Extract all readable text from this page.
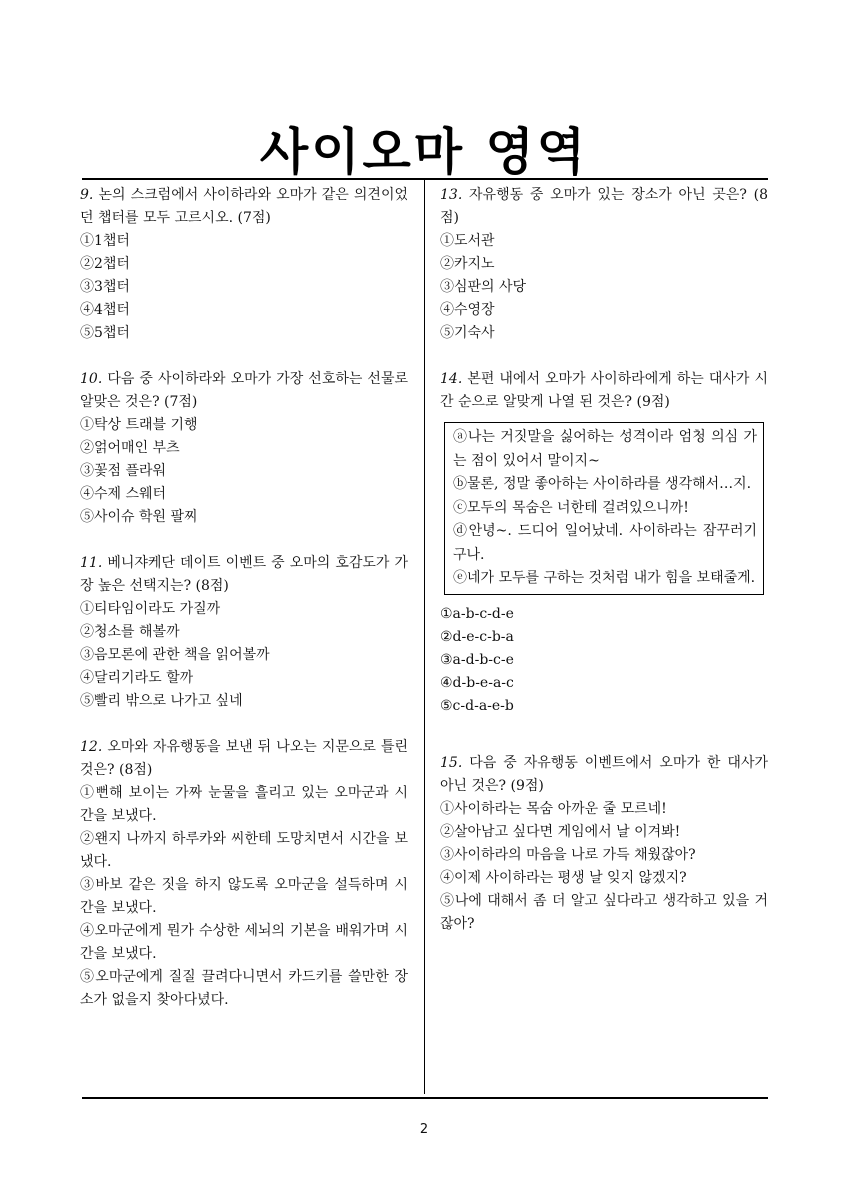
사이오마 영역
9. 논의 스크럼에서 사이하라와 오마가 같은 의견이었던 챕터를 모두 고르시오. (7점)
①1챕터
②2챕터
③3챕터
④4챕터
⑤5챕터
10. 다음 중 사이하라와 오마가 가장 선호하는 선물로 알맞은 것은? (7점)
①탁상 트래블 기행
②얽어매인 부츠
③꽃점 플라워
④수제 스웨터
⑤사이슈 학원 팔찌
11. 베니쟈케단 데이트 이벤트 중 오마의 호감도가 가장 높은 선택지는? (8점)
①티타임이라도 가질까
②청소를 해볼까
③음모론에 관한 책을 읽어볼까
④달리기라도 할까
⑤빨리 밖으로 나가고 싶네
12. 오마와 자유행동을 보낸 뒤 나오는 지문으로 틀린 것은? (8점)
①뻔해 보이는 가짜 눈물을 흘리고 있는 오마군과 시간을 보냈다.
②왠지 나까지 하루카와 씨한테 도망치면서 시간을 보냈다.
③바보 같은 짓을 하지 않도록 오마군을 설득하며 시간을 보냈다.
④오마군에게 뭔가 수상한 세뇌의 기본을 배워가며 시간을 보냈다.
⑤오마군에게 질질 끌려다니면서 카드키를 쓸만한 장소가 없을지 찾아다녔다.
13. 자유행동 중 오마가 있는 장소가 아닌 곳은? (8점)
①도서관
②카지노
③심판의 사당
④수영장
⑤기숙사
14. 본편 내에서 오마가 사이하라에게 하는 대사가 시간 순으로 알맞게 나열 된 것은? (9점)
ⓐ나는 거짓말을 싫어하는 성격이라 엄청 의심 가는 점이 있어서 말이지~
ⓑ물론, 정말 좋아하는 사이하라를 생각해서…지.
ⓒ모두의 목숨은 너한테 걸려있으니까!
ⓓ안녕~. 드디어 일어났네. 사이하라는 잠꾸러기구나.
ⓔ네가 모두를 구하는 것처럼 내가 힘을 보태줄게.
①a-b-c-d-e
②d-e-c-b-a
③a-d-b-c-e
④d-b-e-a-c
⑤c-d-a-e-b
15. 다음 중 자유행동 이벤트에서 오마가 한 대사가 아닌 것은? (9점)
①사이하라는 목숨 아까운 줄 모르네!
②살아남고 싶다면 게임에서 날 이겨봐!
③사이하라의 마음을 나로 가득 채웠잖아?
④이제 사이하라는 평생 날 잊지 않겠지?
⑤나에 대해서 좀 더 알고 싶다라고 생각하고 있을 거잖아?
2
